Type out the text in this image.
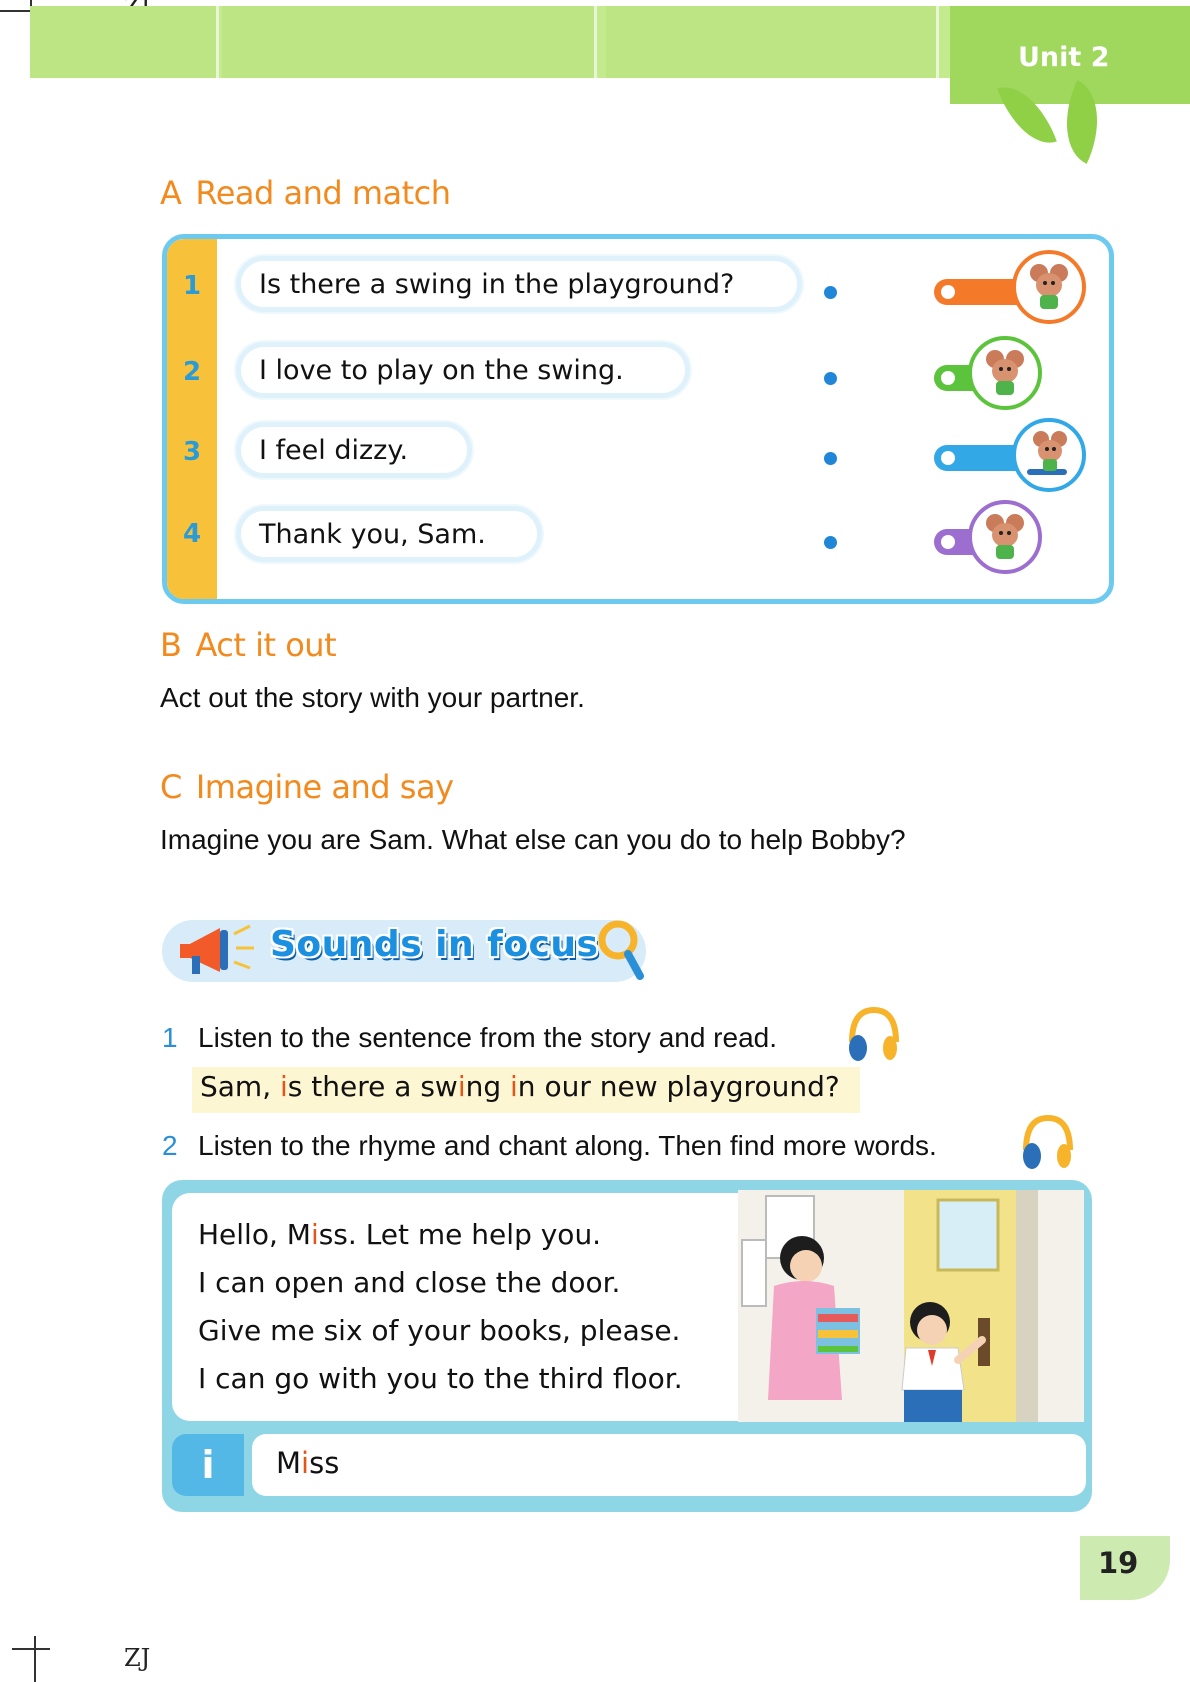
Unit 2
A Read and match
1
2
3
4
Is there a swing in the playground?
I love to play on the swing.
I feel dizzy.
Thank you, Sam.
B Act it out
Act out the story with your partner.
C Imagine and say
Imagine you are Sam. What else can you do to help Bobby?
Sounds in focus
1 Listen to the sentence from the story and read.
Sam, is there a swing in our new playground?
2 Listen to the rhyme and chant along. Then find more words.
Hello, Miss. Let me help you.
I can open and close the door.
Give me six of your books, please.
I can go with you to the third floor.
i Miss
19
ZJ
